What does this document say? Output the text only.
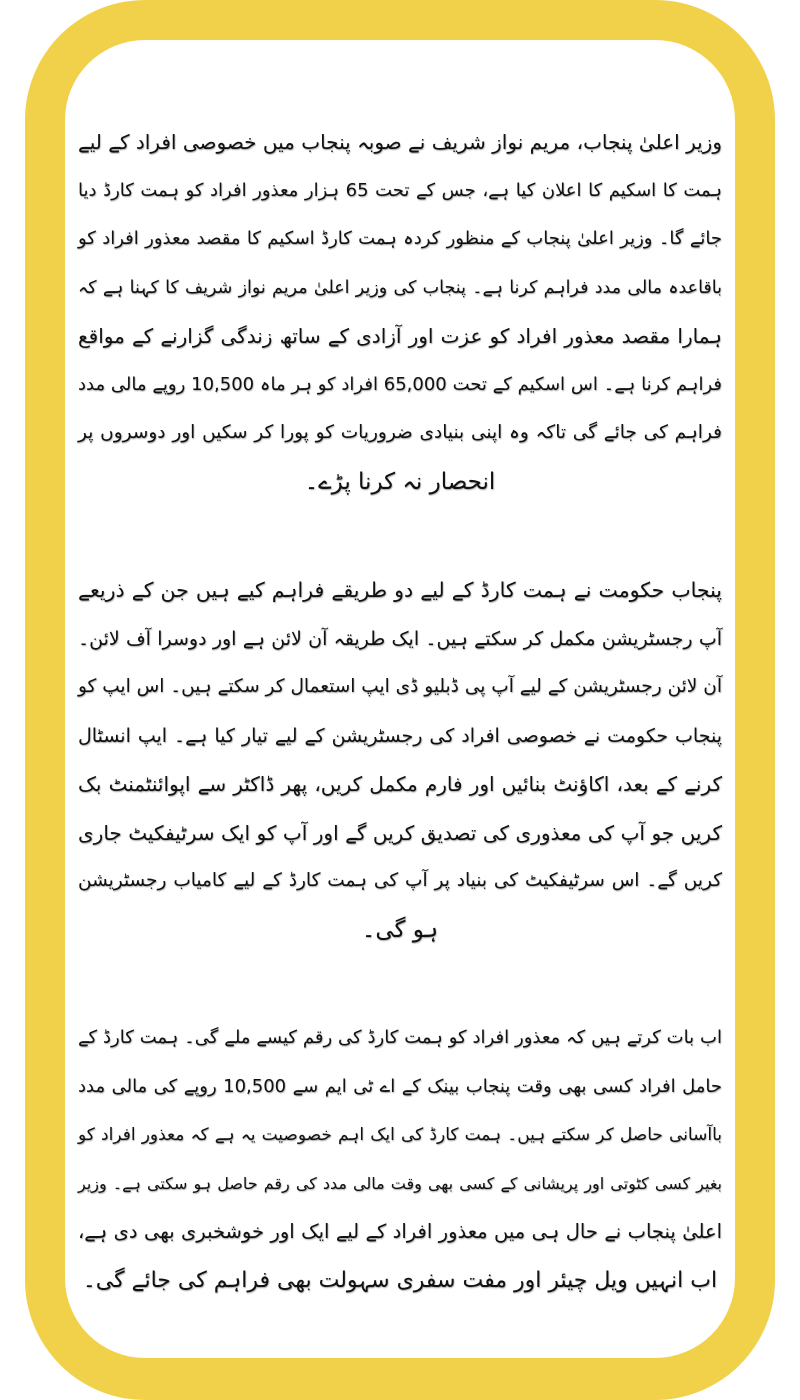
وزیر اعلیٰ پنجاب، مریم نواز شریف نے صوبہ پنجاب میں خصوصی افراد کے لیے
ہمت کا اسکیم کا اعلان کیا ہے، جس کے تحت 65 ہزار معذور افراد کو ہمت کارڈ دیا
جائے گا۔ وزیر اعلیٰ پنجاب کے منظور کردہ ہمت کارڈ اسکیم کا مقصد معذور افراد کو
باقاعدہ مالی مدد فراہم کرنا ہے۔ پنجاب کی وزیر اعلیٰ مریم نواز شریف کا کہنا ہے کہ
ہمارا مقصد معذور افراد کو عزت اور آزادی کے ساتھ زندگی گزارنے کے مواقع
فراہم کرنا ہے۔ اس اسکیم کے تحت 65,000 افراد کو ہر ماہ 10,500 روپے مالی مدد
فراہم کی جائے گی تاکہ وہ اپنی بنیادی ضروریات کو پورا کر سکیں اور دوسروں پر
انحصار نہ کرنا پڑے۔

پنجاب حکومت نے ہمت کارڈ کے لیے دو طریقے فراہم کیے ہیں جن کے ذریعے
آپ رجسٹریشن مکمل کر سکتے ہیں۔ ایک طریقہ آن لائن ہے اور دوسرا آف لائن۔
آن لائن رجسٹریشن کے لیے آپ پی ڈبلیو ڈی ایپ استعمال کر سکتے ہیں۔ اس ایپ کو
پنجاب حکومت نے خصوصی افراد کی رجسٹریشن کے لیے تیار کیا ہے۔ ایپ انسٹال
کرنے کے بعد، اکاؤنٹ بنائیں اور فارم مکمل کریں، پھر ڈاکٹر سے اپوائنٹمنٹ بک
کریں جو آپ کی معذوری کی تصدیق کریں گے اور آپ کو ایک سرٹیفکیٹ جاری
کریں گے۔ اس سرٹیفکیٹ کی بنیاد پر آپ کی ہمت کارڈ کے لیے کامیاب رجسٹریشن
ہو گی۔

اب بات کرتے ہیں کہ معذور افراد کو ہمت کارڈ کی رقم کیسے ملے گی۔ ہمت کارڈ کے
حامل افراد کسی بھی وقت پنجاب بینک کے اے ٹی ایم سے 10,500 روپے کی مالی مدد
باآسانی حاصل کر سکتے ہیں۔ ہمت کارڈ کی ایک اہم خصوصیت یہ ہے کہ معذور افراد کو
بغیر کسی کٹوتی اور پریشانی کے کسی بھی وقت مالی مدد کی رقم حاصل ہو سکتی ہے۔ وزیر
اعلیٰ پنجاب نے حال ہی میں معذور افراد کے لیے ایک اور خوشخبری بھی دی ہے،
اب انہیں ویل چیئر اور مفت سفری سہولت بھی فراہم کی جائے گی۔
